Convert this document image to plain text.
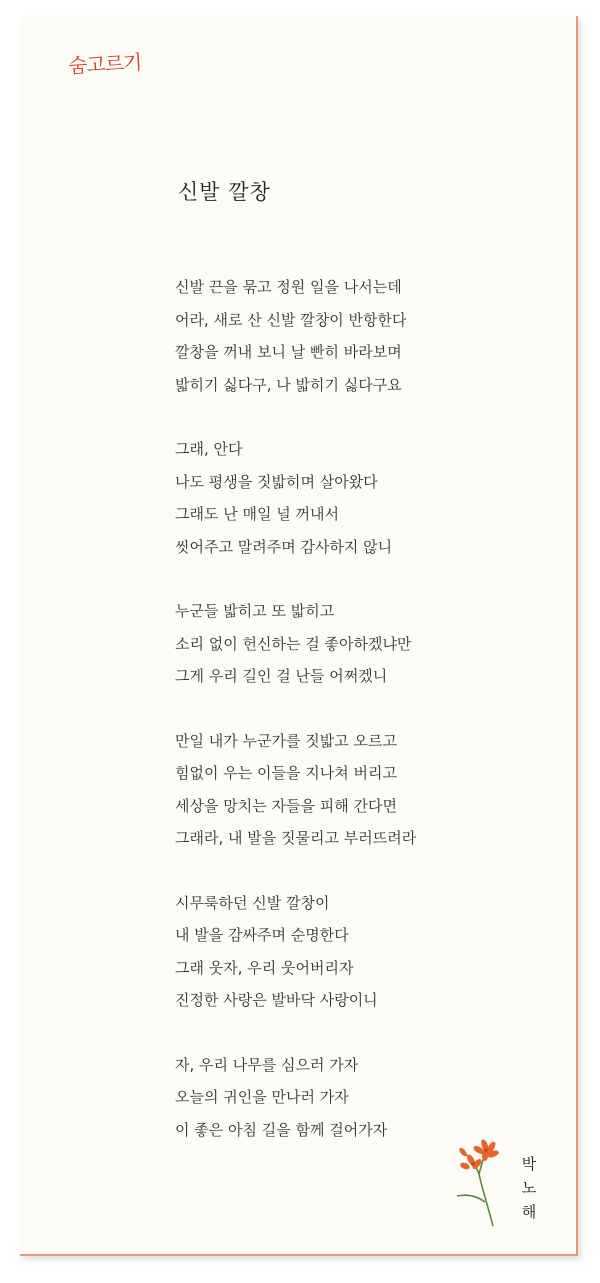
숨고르기
신발 깔창
신발 끈을 묶고 정원 일을 나서는데
어라, 새로 산 신발 깔창이 반항한다
깔창을 꺼내 보니 날 빤히 바라보며
밟히기 싫다구, 나 밟히기 싫다구요
그래, 안다
나도 평생을 짓밟히며 살아왔다
그래도 난 매일 널 꺼내서
씻어주고 말려주며 감사하지 않니
누군들 밟히고 또 밟히고
소리 없이 헌신하는 걸 좋아하겠냐만
그게 우리 길인 걸 난들 어쩌겠니
만일 내가 누군가를 짓밟고 오르고
힘없이 우는 이들을 지나쳐 버리고
세상을 망치는 자들을 피해 간다면
그래라, 내 발을 짓물리고 부러뜨려라
시무룩하던 신발 깔창이
내 발을 감싸주며 순명한다
그래 웃자, 우리 웃어버리자
진정한 사랑은 발바닥 사랑이니
자, 우리 나무를 심으러 가자
오늘의 귀인을 만나러 가자
이 좋은 아침 길을 함께 걸어가자
박
노
해
